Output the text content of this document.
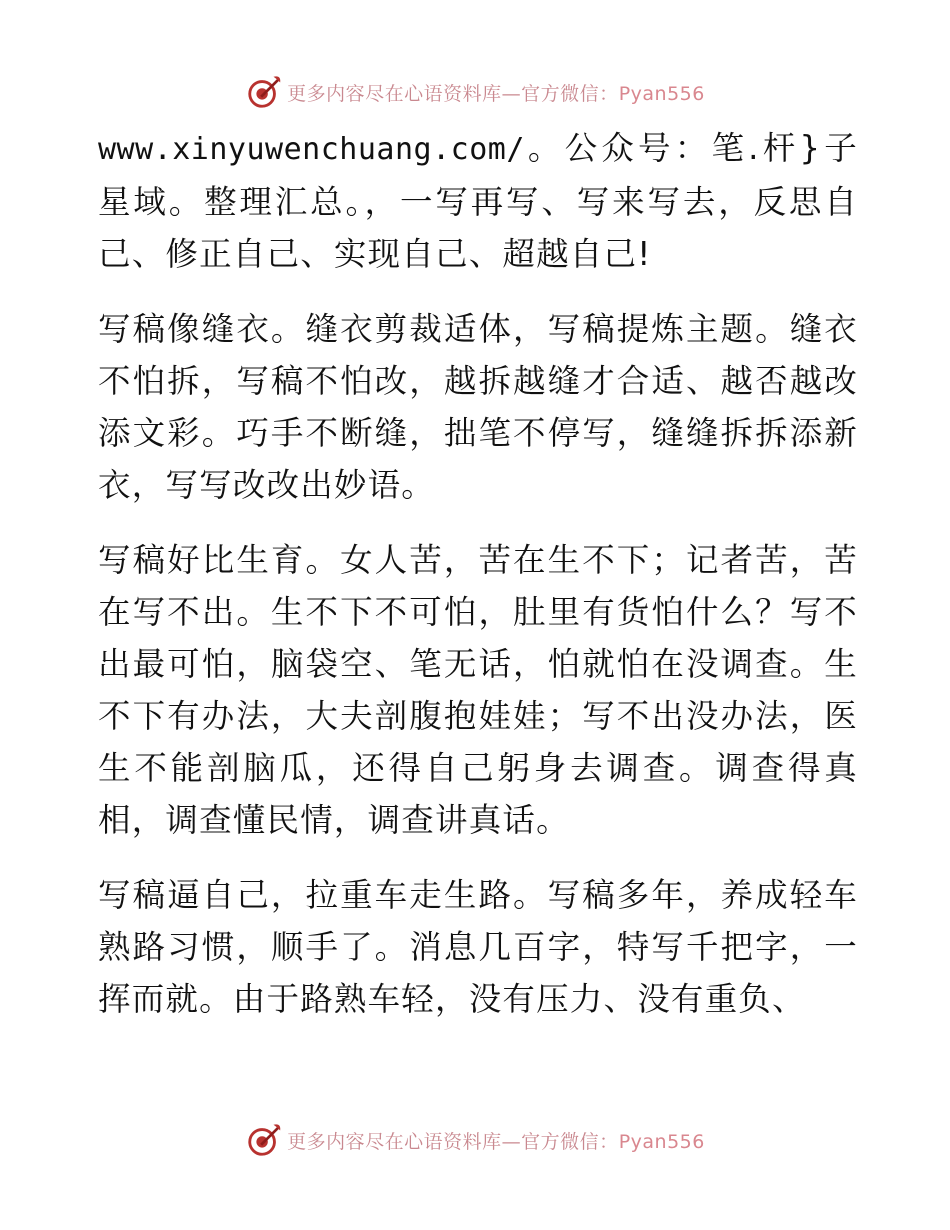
更多内容尽在心语资料库—官方微信：Pyan556

www.xinyuwenchuang.com/。公众号：笔.杆}子星域。整理汇总。，一写再写、写来写去，反思自己、修正自己、实现自己、超越自己!

写稿像缝衣。缝衣剪裁适体，写稿提炼主题。缝衣不怕拆，写稿不怕改，越拆越缝才合适、越否越改添文彩。巧手不断缝，拙笔不停写，缝缝拆拆添新衣，写写改改出妙语。

写稿好比生育。女人苦，苦在生不下；记者苦，苦在写不出。生不下不可怕，肚里有货怕什么？写不出最可怕，脑袋空、笔无话，怕就怕在没调查。生不下有办法，大夫剖腹抱娃娃；写不出没办法，医生不能剖脑瓜，还得自己躬身去调查。调查得真相，调查懂民情，调查讲真话。

写稿逼自己，拉重车走生路。写稿多年，养成轻车熟路习惯，顺手了。消息几百字，特写千把字，一挥而就。由于路熟车轻，没有压力、没有重负、

更多内容尽在心语资料库—官方微信：Pyan556
